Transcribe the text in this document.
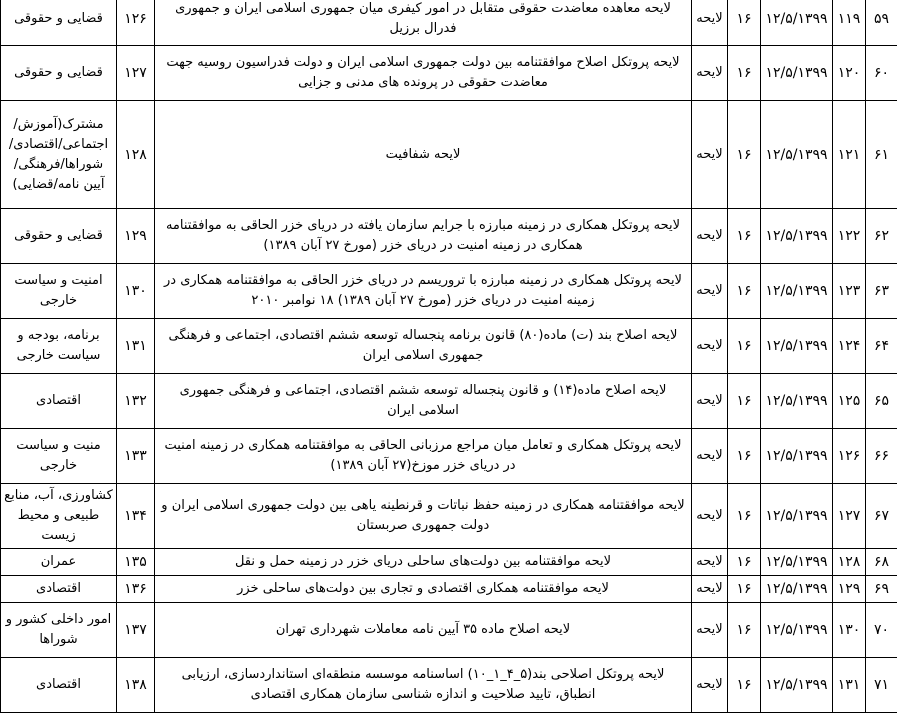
۵۹	۱۱۹	۱۲/۵/۱۳۹۹	۱۶	لایحه	لایحه معاهده معاضدت حقوقی متقابل در امور کیفری میان جمهوری اسلامی ایران و جمهوری فدرال برزیل	۱۲۶	قضایی و حقوقی
۶۰	۱۲۰	۱۲/۵/۱۳۹۹	۱۶	لایحه	لایحه پروتکل اصلاح موافقتنامه بین دولت جمهوری اسلامی ایران و دولت فدراسیون روسیه جهت معاضدت حقوقی در پرونده های مدنی و جزایی	۱۲۷	قضایی و حقوقی
۶۱	۱۲۱	۱۲/۵/۱۳۹۹	۱۶	لایحه	لایحه شفافیت	۱۲۸	مشترک(آموزش/ اجتماعی/اقتصادی/ شوراها/فرهنگی/آیین نامه/قضایی)
۶۲	۱۲۲	۱۲/۵/۱۳۹۹	۱۶	لایحه	لایحه پروتکل همکاری در زمینه مبارزه با جرایم سازمان یافته در دریای خزر الحاقی به موافقتنامه همکاری در زمینه امنیت در دریای خزر (مورخ ۲۷ آبان ۱۳۸۹)	۱۲۹	قضایی و حقوقی
۶۳	۱۲۳	۱۲/۵/۱۳۹۹	۱۶	لایحه	لایحه پروتکل همکاری در زمینه مبارزه با تروریسم در دریای خزر الحاقی به موافقتنامه همکاری در زمینه امنیت در دریای خزر (مورخ ۲۷ آبان ۱۳۸۹) ۱۸ نوامبر ۲۰۱۰	۱۳۰	امنیت و سیاست خارجی
۶۴	۱۲۴	۱۲/۵/۱۳۹۹	۱۶	لایحه	لایحه اصلاح بند (ت) ماده(۸۰) قانون برنامه پنجساله توسعه ششم اقتصادی، اجتماعی و فرهنگی جمهوری اسلامی ایران	۱۳۱	برنامه، بودجه و سیاست خارجی
۶۵	۱۲۵	۱۲/۵/۱۳۹۹	۱۶	لایحه	لایحه اصلاح ماده(۱۴) و قانون پنجساله توسعه ششم اقتصادی، اجتماعی و فرهنگی جمهوری اسلامی ایران	۱۳۲	اقتصادی
۶۶	۱۲۶	۱۲/۵/۱۳۹۹	۱۶	لایحه	لایحه پروتکل همکاری و تعامل میان مراجع مرزبانی الحاقی به موافقتنامه همکاری در زمینه امنیت در دریای خزر موزخ(۲۷ آبان ۱۳۸۹)	۱۳۳	منیت و سیاست خارجی
۶۷	۱۲۷	۱۲/۵/۱۳۹۹	۱۶	لایحه	لایحه موافقتنامه همکاری در زمینه حفظ نباتات و قرنطینه یاهی بین دولت جمهوری اسلامی ایران و دولت جمهوری صربستان	۱۳۴	کشاورزی، آب، منابع طبیعی و محیط زیست
۶۸	۱۲۸	۱۲/۵/۱۳۹۹	۱۶	لایحه	لایحه موافقتنامه بین دولت‌های ساحلی دریای خزر در زمینه حمل و نقل	۱۳۵	عمران
۶۹	۱۲۹	۱۲/۵/۱۳۹۹	۱۶	لایحه	لایحه موافقتنامه همکاری اقتصادی و تجاری بین دولت‌های ساحلی خزر	۱۳۶	اقتصادی
۷۰	۱۳۰	۱۲/۵/۱۳۹۹	۱۶	لایحه	لایحه اصلاح ماده ۳۵ آیین نامه معاملات شهرداری تهران	۱۳۷	امور داخلی کشور و شوراها
۷۱	۱۳۱	۱۲/۵/۱۳۹۹	۱۶	لایحه	لایحه پروتکل اصلاحی بند(۵_۴_۱_۱۰) اساسنامه موسسه منطقه‌ای استانداردسازی، ارزیابی انطباق، تایید صلاحیت و اندازه شناسی سازمان همکاری اقتصادی	۱۳۸	اقتصادی
